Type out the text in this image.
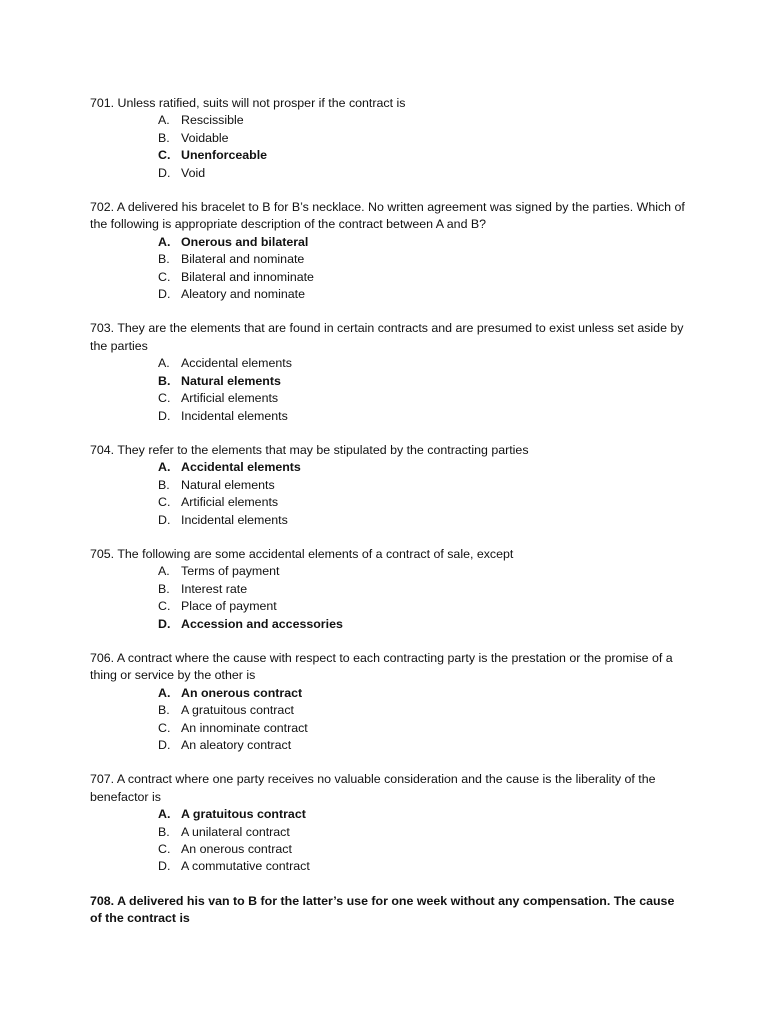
701. Unless ratified, suits will not prosper if the contract is

A. Rescissible
B. Voidable
C. Unenforceable
D. Void

702. A delivered his bracelet to B for B’s necklace. No written agreement was signed by the parties. Which of the following is appropriate description of the contract between A and B?

A. Onerous and bilateral
B. Bilateral and nominate
C. Bilateral and innominate
D. Aleatory and nominate

703. They are the elements that are found in certain contracts and are presumed to exist unless set aside by the parties

A. Accidental elements
B. Natural elements
C. Artificial elements
D. Incidental elements

704. They refer to the elements that may be stipulated by the contracting parties

A. Accidental elements
B. Natural elements
C. Artificial elements
D. Incidental elements

705. The following are some accidental elements of a contract of sale, except

A. Terms of payment
B. Interest rate
C. Place of payment
D. Accession and accessories

706. A contract where the cause with respect to each contracting party is the prestation or the promise of a thing or service by the other is

A. An onerous contract
B. A gratuitous contract
C. An innominate contract
D. An aleatory contract

707. A contract where one party receives no valuable consideration and the cause is the liberality of the benefactor is

A. A gratuitous contract
B. A unilateral contract
C. An onerous contract
D. A commutative contract

708. A delivered his van to B for the latter’s use for one week without any compensation. The cause of the contract is
